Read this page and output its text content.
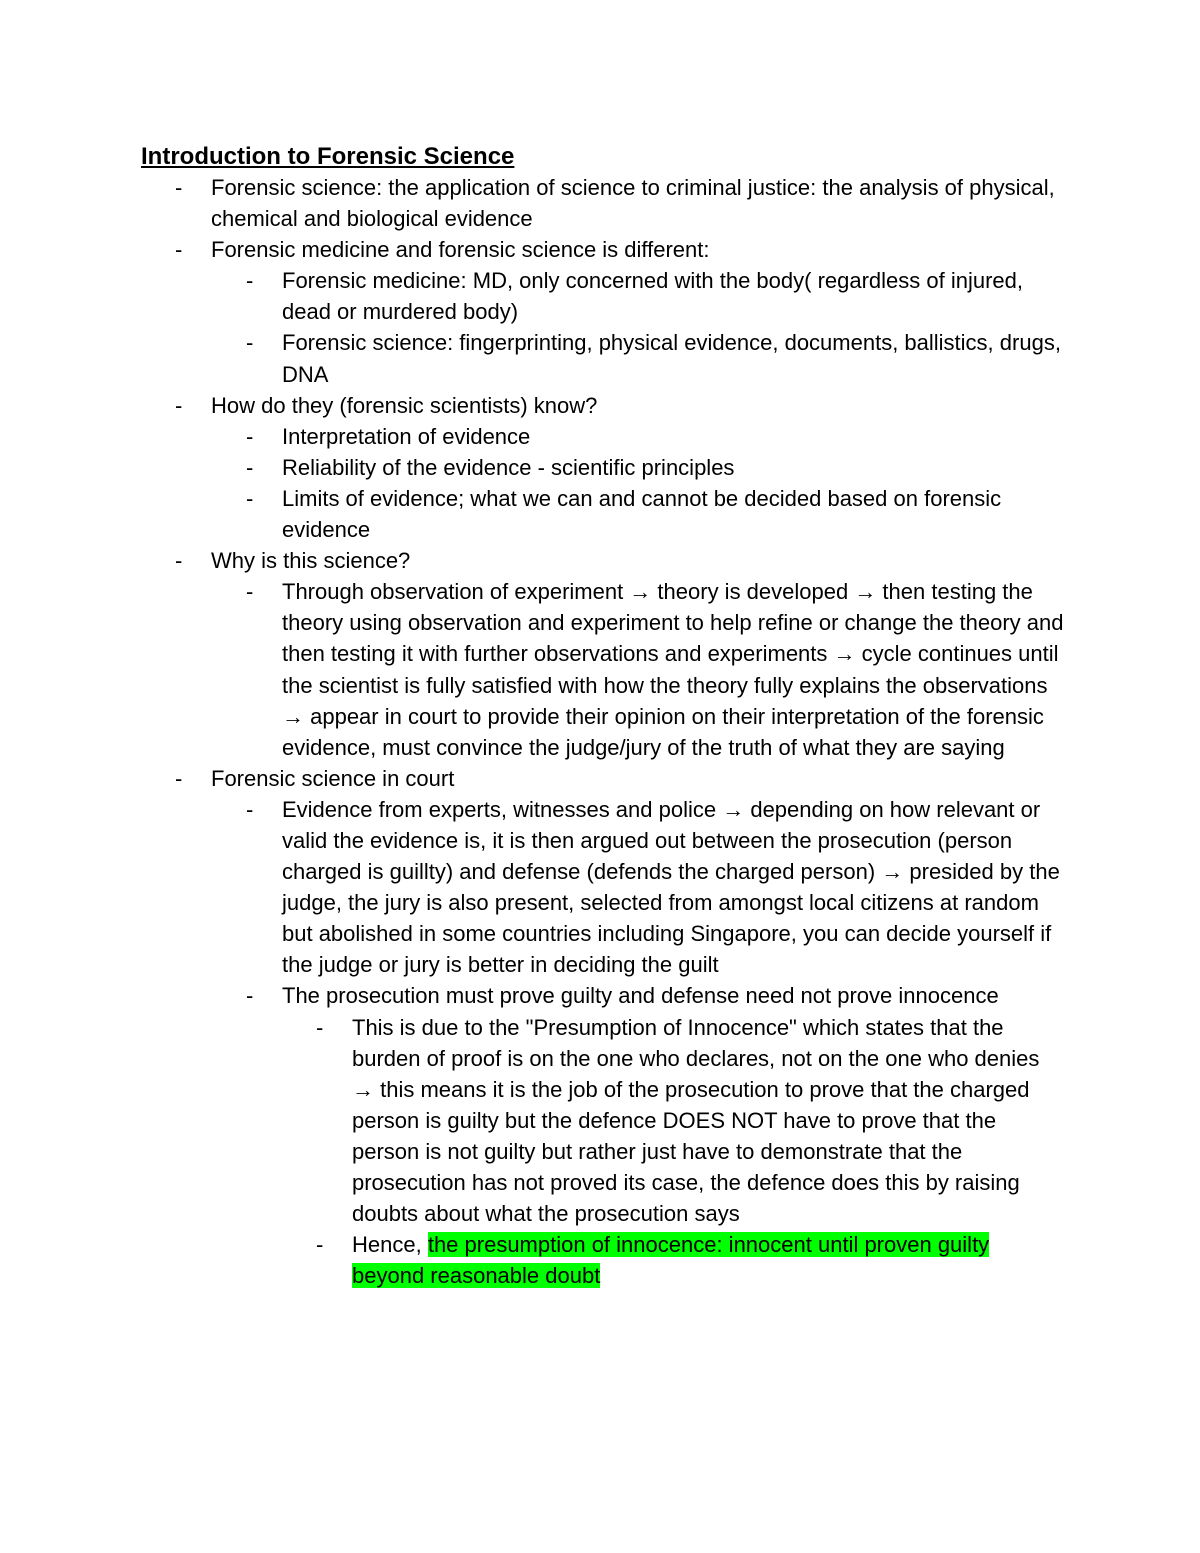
Introduction to Forensic Science
- Forensic science: the application of science to criminal justice: the analysis of physical, chemical and biological evidence
- Forensic medicine and forensic science is different:
- Forensic medicine: MD, only concerned with the body( regardless of injured, dead or murdered body)
- Forensic science: fingerprinting, physical evidence, documents, ballistics, drugs, DNA
- How do they (forensic scientists) know?
- Interpretation of evidence
- Reliability of the evidence - scientific principles
- Limits of evidence; what we can and cannot be decided based on forensic evidence
- Why is this science?
- Through observation of experiment → theory is developed → then testing the theory using observation and experiment to help refine or change the theory and then testing it with further observations and experiments → cycle continues until the scientist is fully satisfied with how the theory fully explains the observations → appear in court to provide their opinion on their interpretation of the forensic evidence, must convince the judge/jury of the truth of what they are saying
- Forensic science in court
- Evidence from experts, witnesses and police → depending on how relevant or valid the evidence is, it is then argued out between the prosecution (person charged is guillty) and defense (defends the charged person) → presided by the judge, the jury is also present, selected from amongst local citizens at random but abolished in some countries including Singapore, you can decide yourself if the judge or jury is better in deciding the guilt
- The prosecution must prove guilty and defense need not prove innocence
- This is due to the "Presumption of Innocence" which states that the burden of proof is on the one who declares, not on the one who denies → this means it is the job of the prosecution to prove that the charged person is guilty but the defence DOES NOT have to prove that the person is not guilty but rather just have to demonstrate that the prosecution has not proved its case, the defence does this by raising doubts about what the prosecution says
- Hence, the presumption of innocence: innocent until proven guilty beyond reasonable doubt
